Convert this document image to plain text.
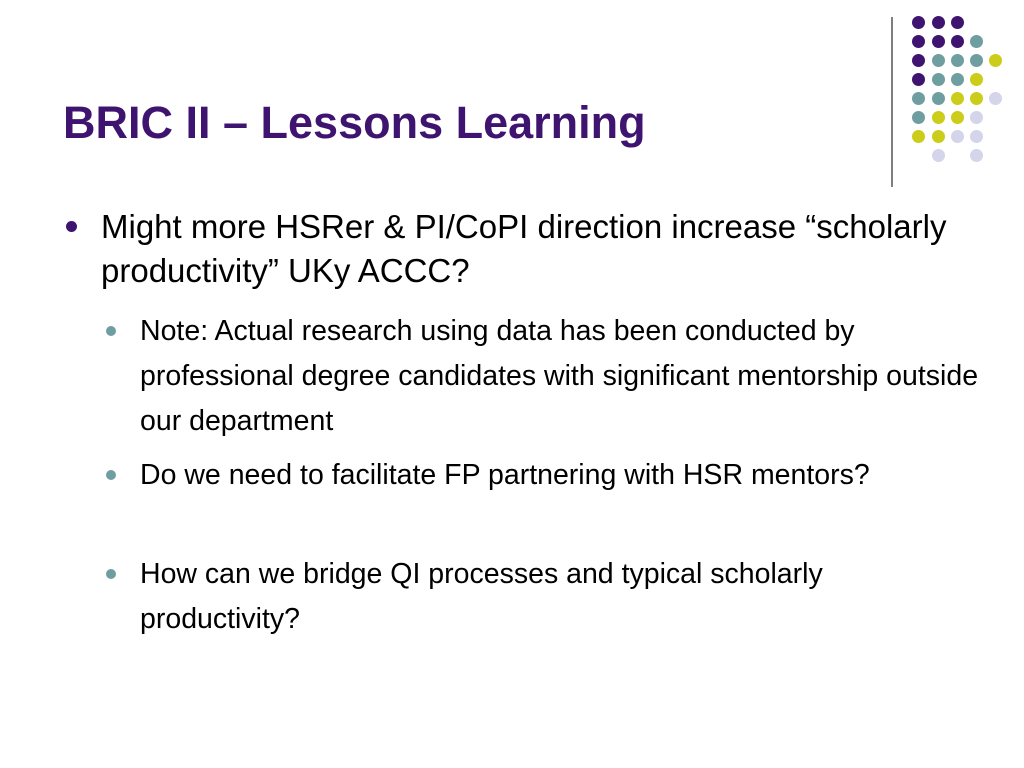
BRIC II – Lessons Learning
Might more HSRer & PI/CoPI direction increase “scholarly productivity” UKy ACCC?
Note: Actual research using data has been conducted by professional degree candidates with significant mentorship outside our department
Do we need to facilitate FP partnering with HSR mentors?
How can we bridge QI processes and typical scholarly productivity?
